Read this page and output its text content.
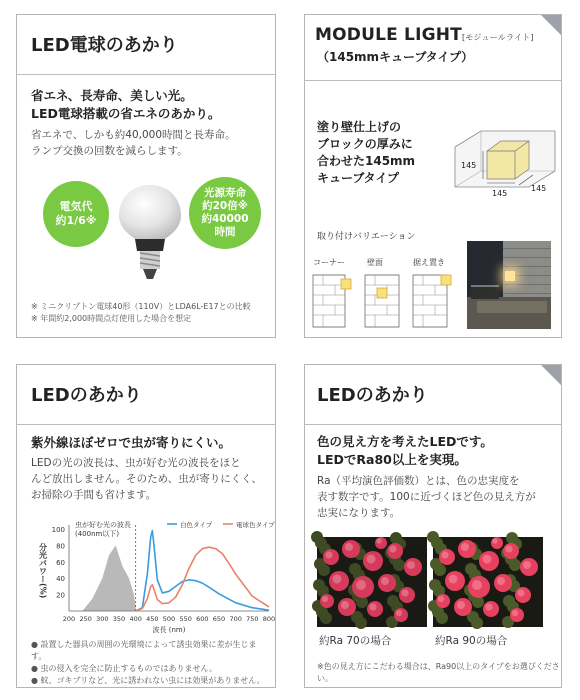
LED電球のあかり
省エネ、長寿命、美しい光。
LED電球搭載の省エネのあかり。
省エネで、しかも約40,000時間と長寿命。
ランプ交換の回数を減らします。
電気代
約1/6※
光源寿命
約20倍※
約40000
時間
※ ミニクリプトン電球40形（110V）とLDA6L-E17との比較
※ 年間約2,000時間点灯使用した場合を想定
MODULE LIGHT[モジュールライト]
（145mmキューブタイプ）
塗り壁仕上げの
ブロックの厚みに
合わせた145mm
キューブタイプ
145
145
145
取り付けバリエーション
コーナー	壁面	据え置き
LEDのあかり
紫外線ほぼゼロで虫が寄りにくい。
LEDの光の波長は、虫が好む光の波長をほと
んど放出しません。そのため、虫が寄りにくく、
お掃除の手間も省けます。
20
40
60
80
100
200 250 300 350 400 450 500 550 600 650 700 750 800
波長 (nm)
分光パワー(%)
白色タイプ	電球色タイプ
虫が好む光の波長
(400nm以下)
● 設置した器具の周囲の光環境によって誘虫効果に差が生じます。
● 虫の侵入を完全に防止するものではありません。
● 蚊、ゴキブリなど、光に誘われない虫には効果がありません。
LEDのあかり
色の見え方を考えたLEDです。
LEDでRa80以上を実現。
Ra（平均演色評価数）とは、色の忠実度を
表す数字です。100に近づくほど色の見え方が
忠実になります。
約Ra 70の場合	約Ra 90の場合
※色の見え方にこだわる場合は、Ra90以上のタイプをお選びください。
